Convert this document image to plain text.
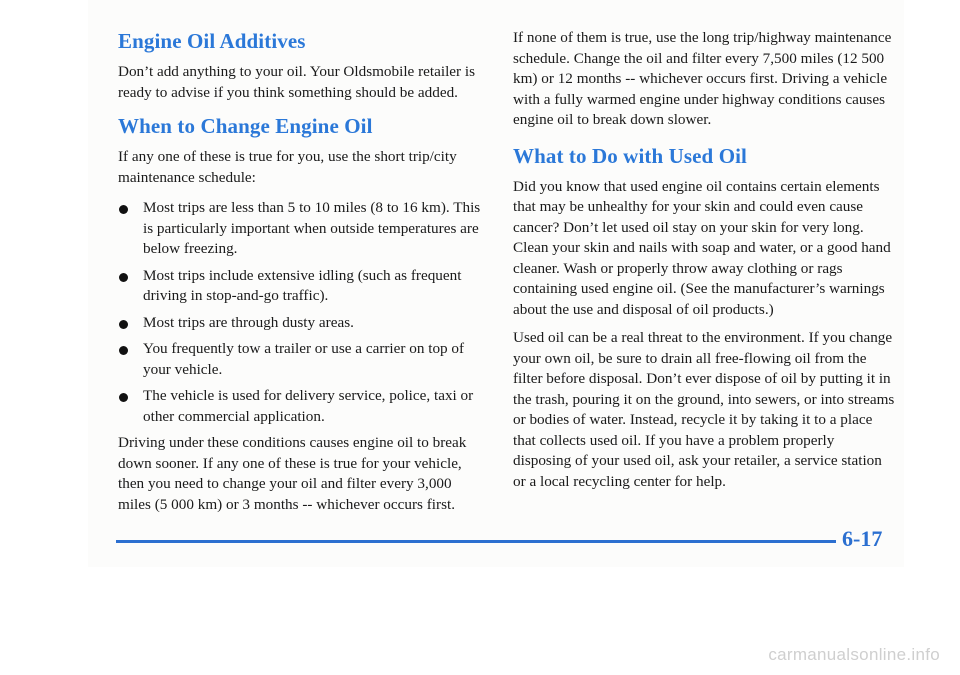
Engine Oil Additives

Don’t add anything to your oil. Your Oldsmobile retailer is ready to advise if you think something should be added.

When to Change Engine Oil

If any one of these is true for you, use the short trip/city maintenance schedule:

Most trips are less than 5 to 10 miles (8 to 16 km). This is particularly important when outside temperatures are below freezing.
Most trips include extensive idling (such as frequent driving in stop-and-go traffic).
Most trips are through dusty areas.
You frequently tow a trailer or use a carrier on top of your vehicle.
The vehicle is used for delivery service, police, taxi or other commercial application.

Driving under these conditions causes engine oil to break down sooner. If any one of these is true for your vehicle, then you need to change your oil and filter every 3,000 miles (5 000 km) or 3 months -- whichever occurs first.

If none of them is true, use the long trip/highway maintenance schedule. Change the oil and filter every 7,500 miles (12 500 km) or 12 months -- whichever occurs first. Driving a vehicle with a fully warmed engine under highway conditions causes engine oil to break down slower.

What to Do with Used Oil

Did you know that used engine oil contains certain elements that may be unhealthy for your skin and could even cause cancer? Don’t let used oil stay on your skin for very long. Clean your skin and nails with soap and water, or a good hand cleaner. Wash or properly throw away clothing or rags containing used engine oil. (See the manufacturer’s warnings about the use and disposal of oil products.)

Used oil can be a real threat to the environment. If you change your own oil, be sure to drain all free-flowing oil from the filter before disposal. Don’t ever dispose of oil by putting it in the trash, pouring it on the ground, into sewers, or into streams or bodies of water. Instead, recycle it by taking it to a place that collects used oil. If you have a problem properly disposing of your used oil, ask your retailer, a service station or a local recycling center for help.

6-17
carmanualsonline.info
